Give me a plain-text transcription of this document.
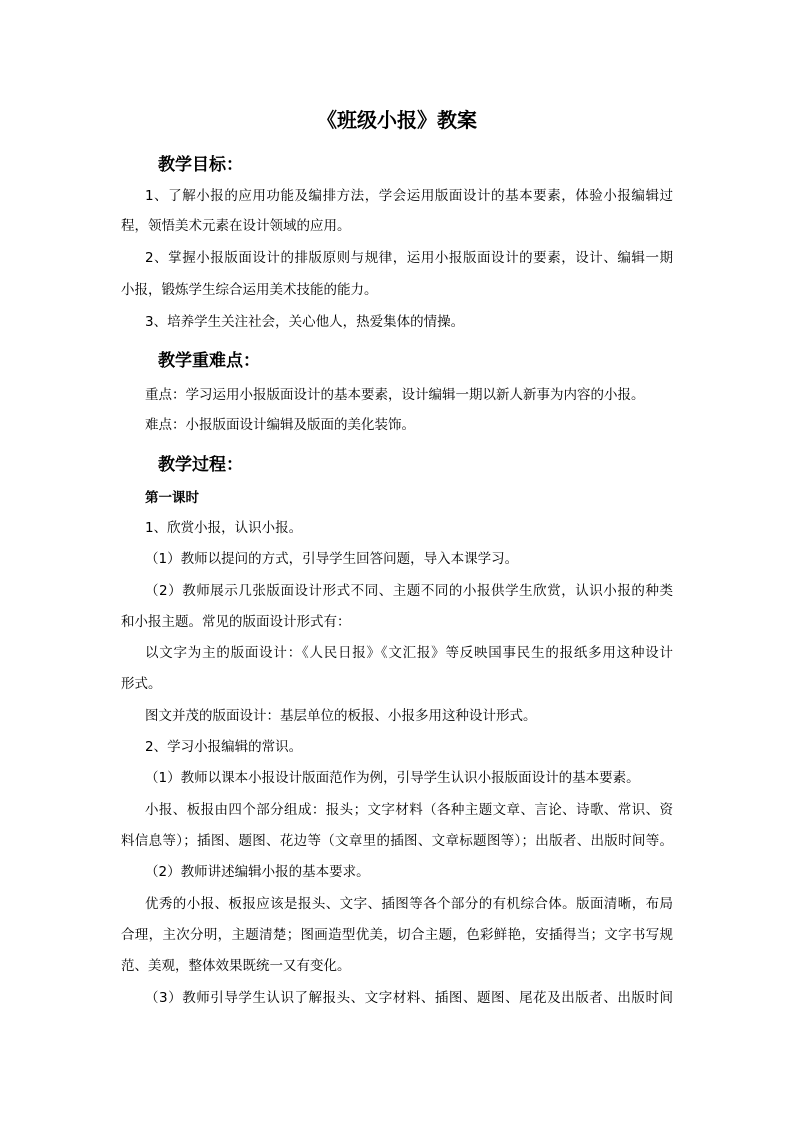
《班级小报》教案
教学目标：
1、了解小报的应用功能及编排方法，学会运用版面设计的基本要素，体验小报编辑过
程，领悟美术元素在设计领域的应用。
2、掌握小报版面设计的排版原则与规律，运用小报版面设计的要素，设计、编辑一期
小报，锻炼学生综合运用美术技能的能力。
3、培养学生关注社会，关心他人，热爱集体的情操。
教学重难点：
重点：学习运用小报版面设计的基本要素，设计编辑一期以新人新事为内容的小报。
难点：小报版面设计编辑及版面的美化装饰。
教学过程：
第一课时
1、欣赏小报，认识小报。
（1）教师以提问的方式，引导学生回答问题，导入本课学习。
（2）教师展示几张版面设计形式不同、主题不同的小报供学生欣赏，认识小报的种类
和小报主题。常见的版面设计形式有：
以文字为主的版面设计：《人民日报》《文汇报》等反映国事民生的报纸多用这种设计
形式。
图文并茂的版面设计：基层单位的板报、小报多用这种设计形式。
2、学习小报编辑的常识。
（1）教师以课本小报设计版面范作为例，引导学生认识小报版面设计的基本要素。
小报、板报由四个部分组成：报头；文字材料（各种主题文章、言论、诗歌、常识、资
料信息等）；插图、题图、花边等（文章里的插图、文章标题图等）；出版者、出版时间等。
（2）教师讲述编辑小报的基本要求。
优秀的小报、板报应该是报头、文字、插图等各个部分的有机综合体。版面清晰，布局
合理，主次分明，主题清楚；图画造型优美，切合主题，色彩鲜艳，安插得当；文字书写规
范、美观，整体效果既统一又有变化。
（3）教师引导学生认识了解报头、文字材料、插图、题图、尾花及出版者、出版时间
